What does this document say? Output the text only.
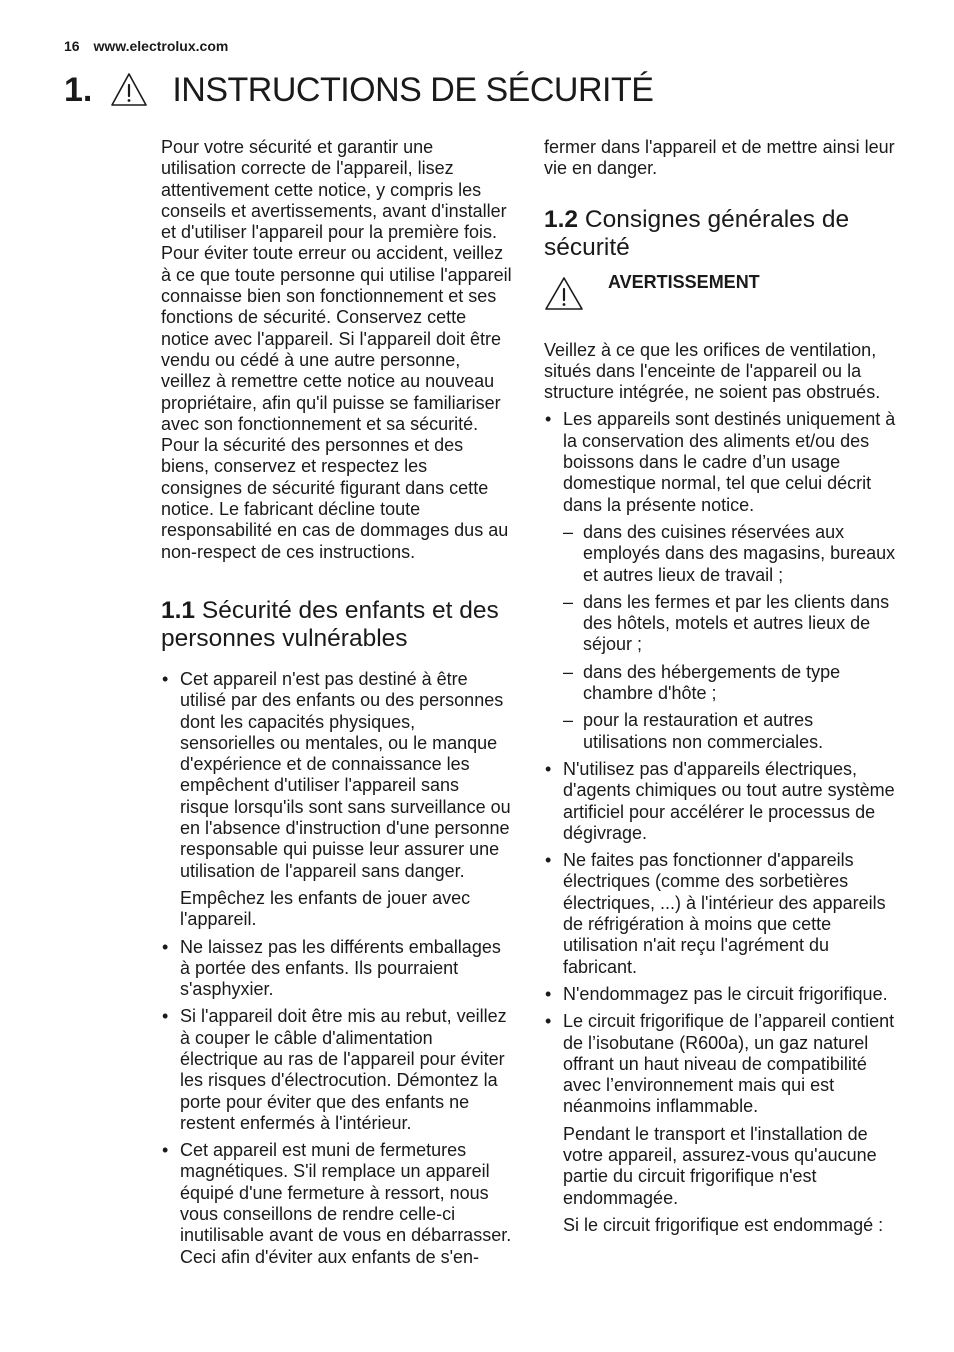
16 www.electrolux.com
1. INSTRUCTIONS DE SÉCURITÉ

Pour votre sécurité et garantir une utilisation correcte de l'appareil, lisez attentivement cette notice, y compris les conseils et avertissements, avant d'installer et d'utiliser l'appareil pour la première fois. Pour éviter toute erreur ou accident, veillez à ce que toute personne qui utilise l'appareil connaisse bien son fonctionnement et ses fonctions de sécurité. Conservez cette notice avec l'appareil. Si l'appareil doit être vendu ou cédé à une autre personne, veillez à remettre cette notice au nouveau propriétaire, afin qu'il puisse se familiariser avec son fonctionnement et sa sécurité.

Pour la sécurité des personnes et des biens, conservez et respectez les consignes de sécurité figurant dans cette notice. Le fabricant décline toute responsabilité en cas de dommages dus au non-respect de ces instructions.

1.1 Sécurité des enfants et des personnes vulnérables
• Cet appareil n'est pas destiné à être utilisé par des enfants ou des personnes dont les capacités physiques, sensorielles ou mentales, ou le manque d'expérience et de connaissance les empêchent d'utiliser l'appareil sans risque lorsqu'ils sont sans surveillance ou en l'absence d'instruction d'une personne responsable qui puisse leur assurer une utilisation de l'appareil sans danger.

Empêchez les enfants de jouer avec l'appareil.

• Ne laissez pas les différents emballages à portée des enfants. Ils pourraient s'asphyxier.
• Si l'appareil doit être mis au rebut, veillez à couper le câble d'alimentation électrique au ras de l'appareil pour éviter les risques d'électrocution. Démontez la porte pour éviter que des enfants ne restent enfermés à l'intérieur.
• Cet appareil est muni de fermetures magnétiques. S'il remplace un appareil équipé d'une fermeture à ressort, nous vous conseillons de rendre celle-ci inutilisable avant de vous en débarrasser. Ceci afin d'éviter aux enfants de s'en-

fermer dans l'appareil et de mettre ainsi leur vie en danger.

1.2 Consignes générales de sécurité
AVERTISSEMENT

Veillez à ce que les orifices de ventilation, situés dans l'enceinte de l'appareil ou la structure intégrée, ne soient pas obstrués.

• Les appareils sont destinés uniquement à la conservation des aliments et/ou des boissons dans le cadre d’un usage domestique normal, tel que celui décrit dans la présente notice.
– dans des cuisines réservées aux employés dans des magasins, bureaux et autres lieux de travail ;
– dans les fermes et par les clients dans des hôtels, motels et autres lieux de séjour ;
– dans des hébergements de type chambre d'hôte ;
– pour la restauration et autres utilisations non commerciales.
• N'utilisez pas d'appareils électriques, d'agents chimiques ou tout autre système artificiel pour accélérer le processus de dégivrage.
• Ne faites pas fonctionner d'appareils électriques (comme des sorbetières électriques, ...) à l'intérieur des appareils de réfrigération à moins que cette utilisation n'ait reçu l'agrément du fabricant.
• N'endommagez pas le circuit frigorifique.
• Le circuit frigorifique de l’appareil contient de l’isobutane (R600a), un gaz naturel offrant un haut niveau de compatibilité avec l’environnement mais qui est néanmoins inflammable.

Pendant le transport et l'installation de votre appareil, assurez-vous qu'aucune partie du circuit frigorifique n'est endommagée.

Si le circuit frigorifique est endommagé :
